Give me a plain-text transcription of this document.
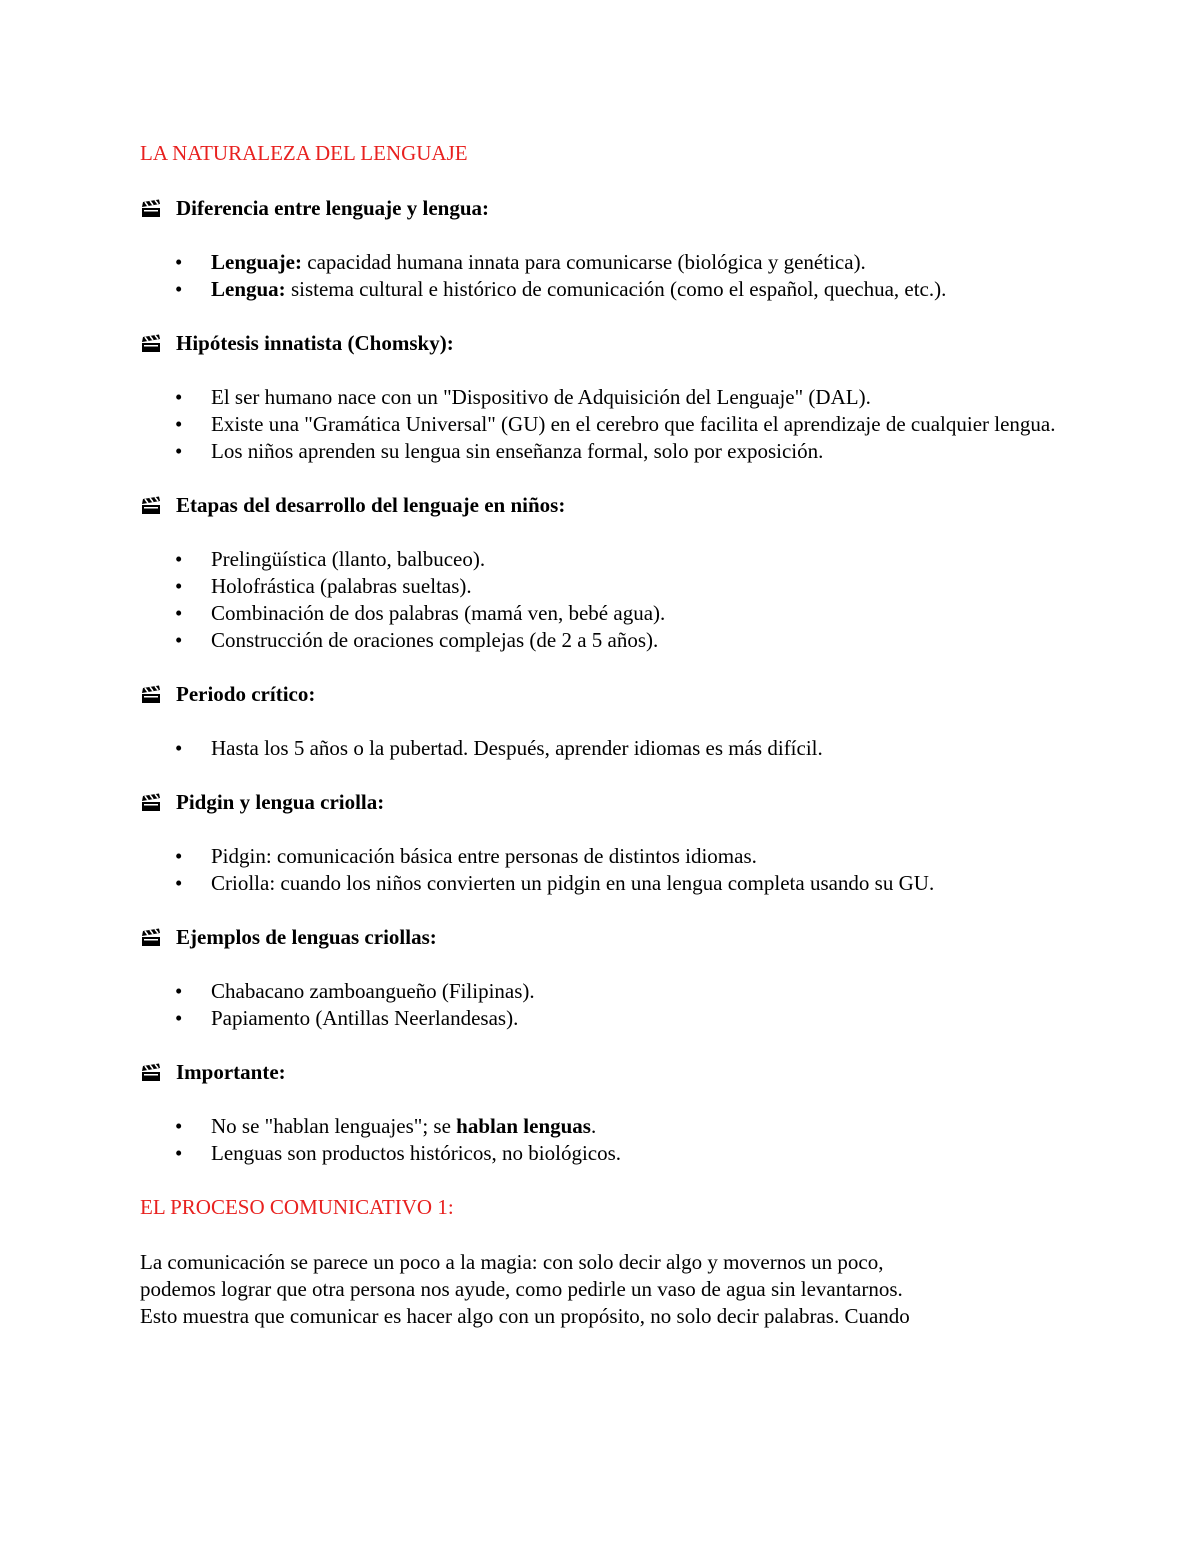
LA NATURALEZA DEL LENGUAJE
Diferencia entre lenguaje y lengua:
• Lenguaje: capacidad humana innata para comunicarse (biológica y genética).
• Lengua: sistema cultural e histórico de comunicación (como el español, quechua, etc.).
Hipótesis innatista (Chomsky):
• El ser humano nace con un "Dispositivo de Adquisición del Lenguaje" (DAL).
• Existe una "Gramática Universal" (GU) en el cerebro que facilita el aprendizaje de cualquier lengua.
• Los niños aprenden su lengua sin enseñanza formal, solo por exposición.
Etapas del desarrollo del lenguaje en niños:
• Prelingüística (llanto, balbuceo).
• Holofrástica (palabras sueltas).
• Combinación de dos palabras (mamá ven, bebé agua).
• Construcción de oraciones complejas (de 2 a 5 años).
Periodo crítico:
• Hasta los 5 años o la pubertad. Después, aprender idiomas es más difícil.
Pidgin y lengua criolla:
• Pidgin: comunicación básica entre personas de distintos idiomas.
• Criolla: cuando los niños convierten un pidgin en una lengua completa usando su GU.
Ejemplos de lenguas criollas:
• Chabacano zamboangueño (Filipinas).
• Papiamento (Antillas Neerlandesas).
Importante:
• No se "hablan lenguajes"; se hablan lenguas.
• Lenguas son productos históricos, no biológicos.
EL PROCESO COMUNICATIVO 1:

La comunicación se parece un poco a la magia: con solo decir algo y movernos un poco,

podemos lograr que otra persona nos ayude, como pedirle un vaso de agua sin levantarnos.

Esto muestra que comunicar es hacer algo con un propósito, no solo decir palabras. Cuando
